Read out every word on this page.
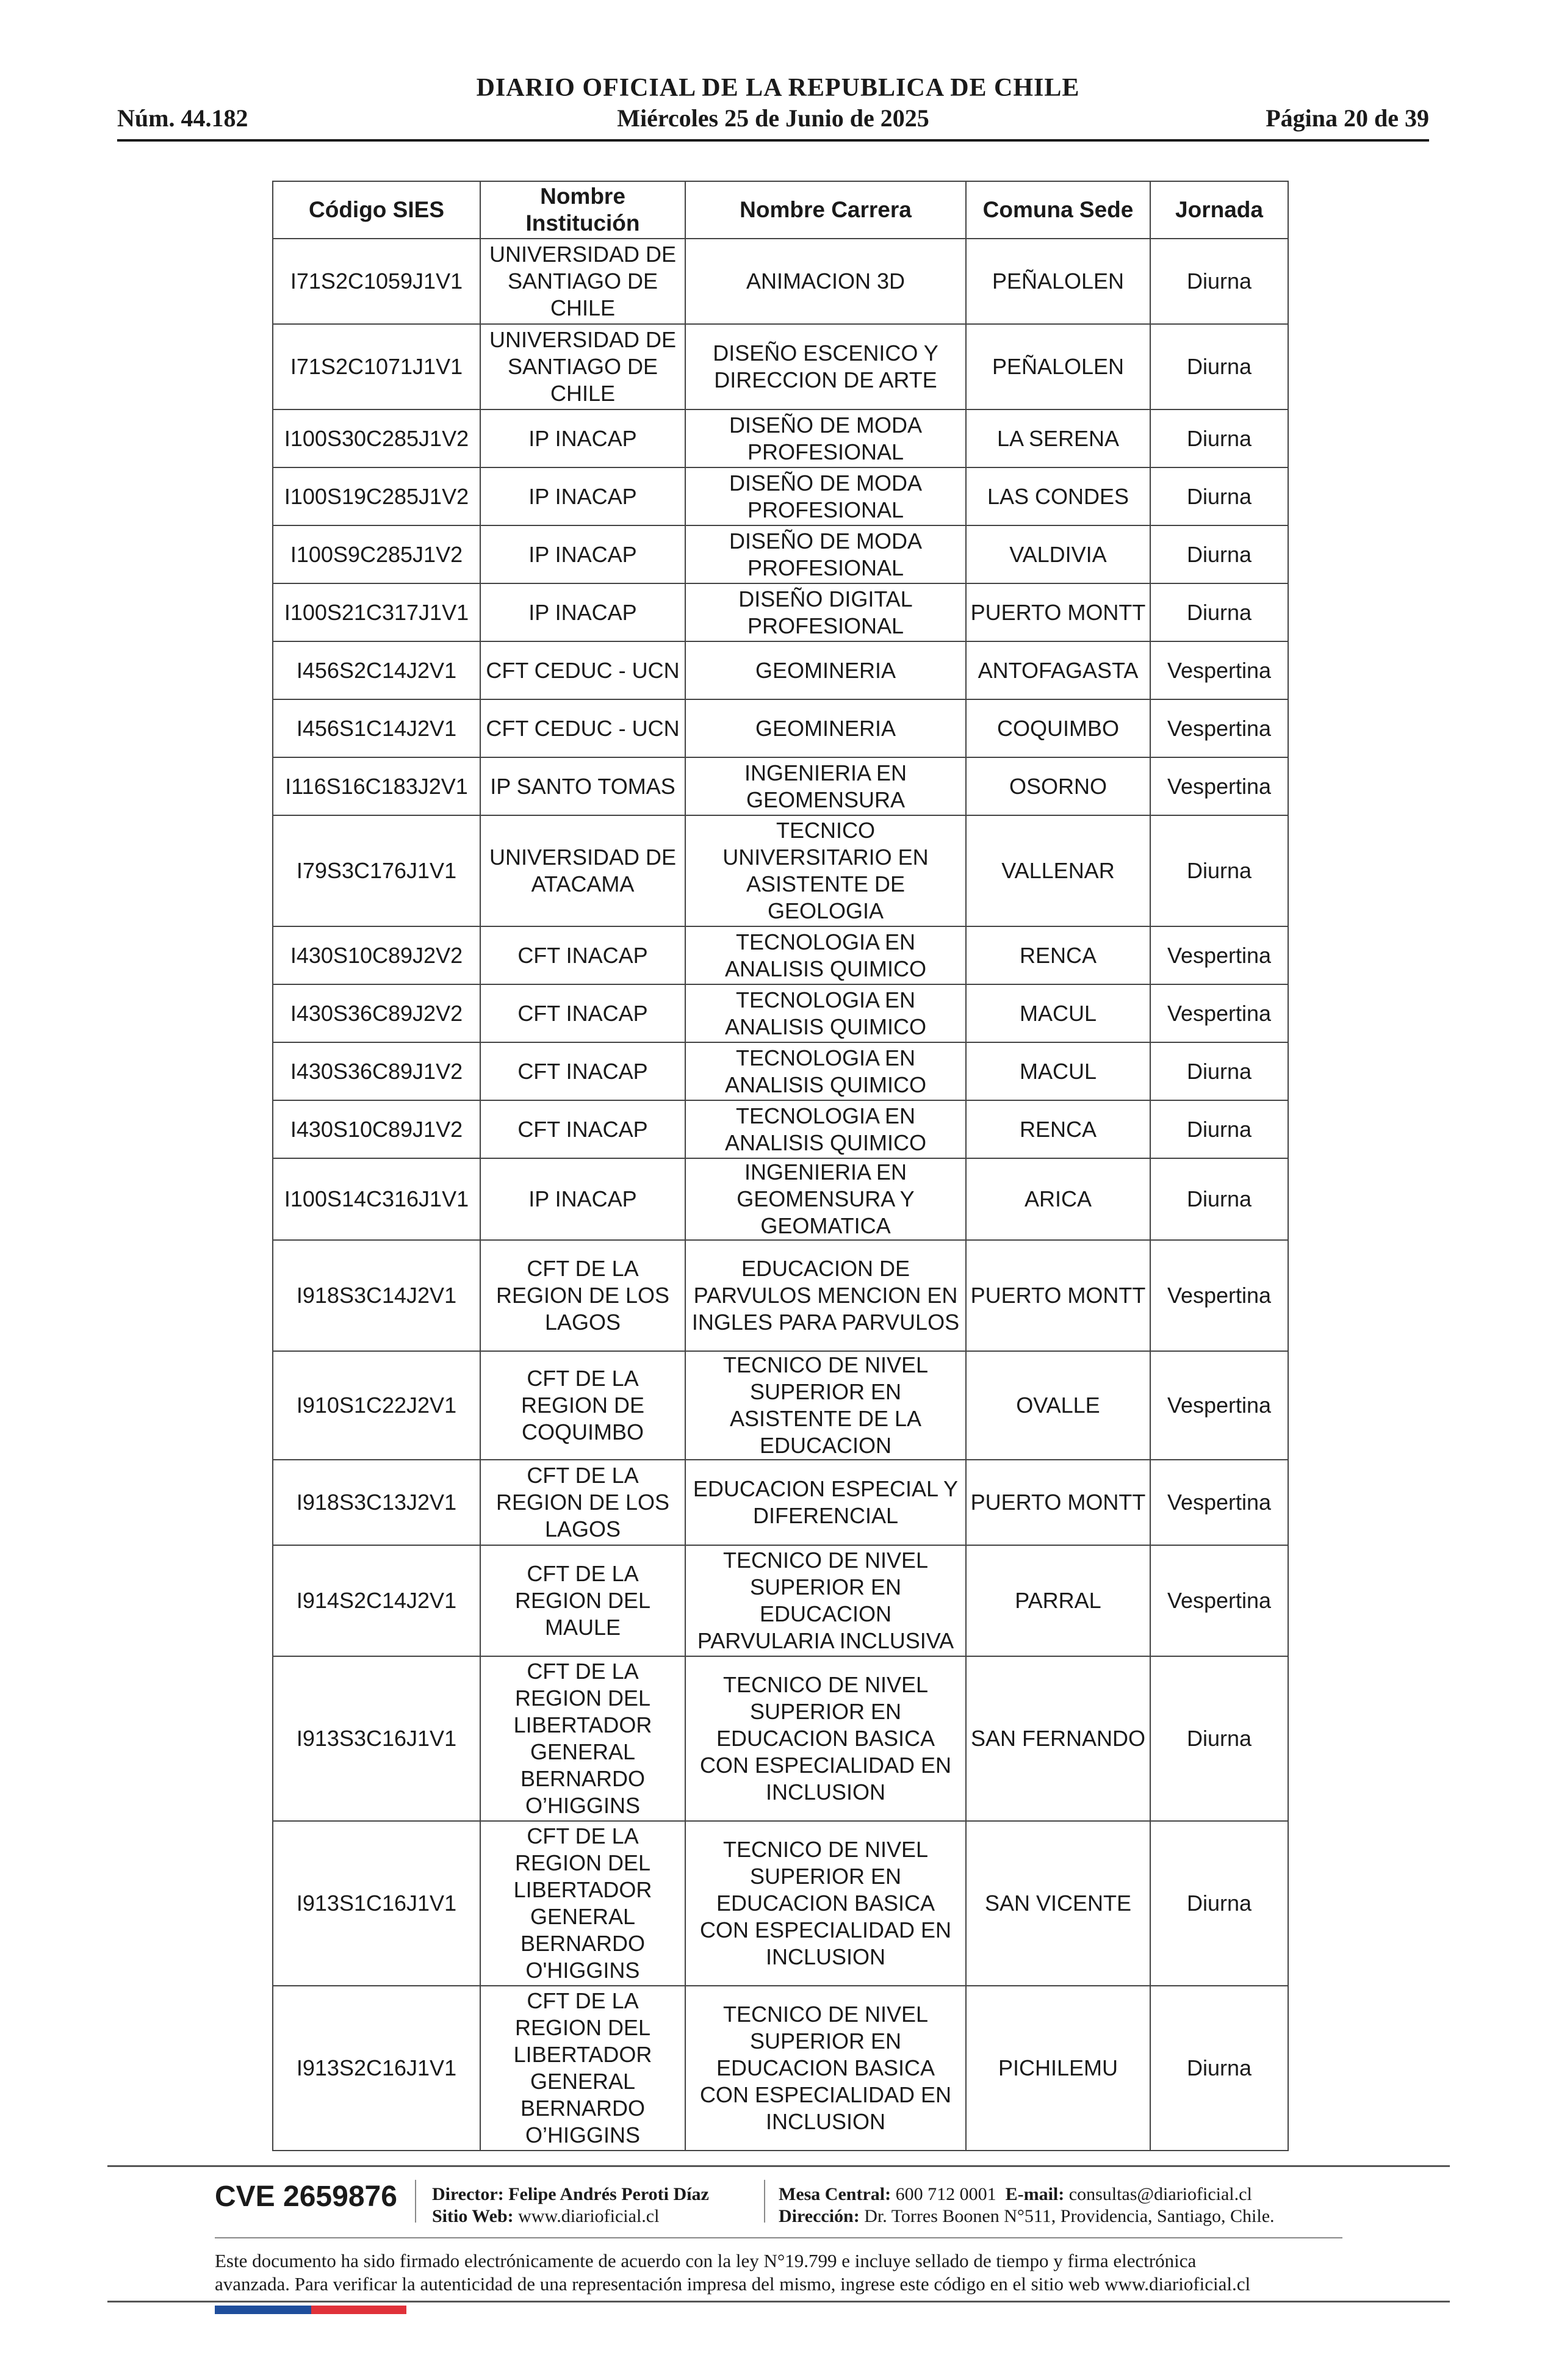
DIARIO OFICIAL DE LA REPUBLICA DE CHILE
Núm. 44.182	Miércoles 25 de Junio de 2025	Página 20 de 39
Código SIES	Nombre Institución	Nombre Carrera	Comuna Sede	Jornada
I71S2C1059J1V1	UNIVERSIDAD DE SANTIAGO DE CHILE	ANIMACION 3D	PEÑALOLEN	Diurna
I71S2C1071J1V1	UNIVERSIDAD DE SANTIAGO DE CHILE	DISEÑO ESCENICO Y DIRECCION DE ARTE	PEÑALOLEN	Diurna
I100S30C285J1V2	IP INACAP	DISEÑO DE MODA PROFESIONAL	LA SERENA	Diurna
I100S19C285J1V2	IP INACAP	DISEÑO DE MODA PROFESIONAL	LAS CONDES	Diurna
I100S9C285J1V2	IP INACAP	DISEÑO DE MODA PROFESIONAL	VALDIVIA	Diurna
I100S21C317J1V1	IP INACAP	DISEÑO DIGITAL PROFESIONAL	PUERTO MONTT	Diurna
I456S2C14J2V1	CFT CEDUC - UCN	GEOMINERIA	ANTOFAGASTA	Vespertina
I456S1C14J2V1	CFT CEDUC - UCN	GEOMINERIA	COQUIMBO	Vespertina
I116S16C183J2V1	IP SANTO TOMAS	INGENIERIA EN GEOMENSURA	OSORNO	Vespertina
I79S3C176J1V1	UNIVERSIDAD DE ATACAMA	TECNICO UNIVERSITARIO EN ASISTENTE DE GEOLOGIA	VALLENAR	Diurna
I430S10C89J2V2	CFT INACAP	TECNOLOGIA EN ANALISIS QUIMICO	RENCA	Vespertina
I430S36C89J2V2	CFT INACAP	TECNOLOGIA EN ANALISIS QUIMICO	MACUL	Vespertina
I430S36C89J1V2	CFT INACAP	TECNOLOGIA EN ANALISIS QUIMICO	MACUL	Diurna
I430S10C89J1V2	CFT INACAP	TECNOLOGIA EN ANALISIS QUIMICO	RENCA	Diurna
I100S14C316J1V1	IP INACAP	INGENIERIA EN GEOMENSURA Y GEOMATICA	ARICA	Diurna
I918S3C14J2V1	CFT DE LA REGION DE LOS LAGOS	EDUCACION DE PARVULOS MENCION EN INGLES PARA PARVULOS	PUERTO MONTT	Vespertina
I910S1C22J2V1	CFT DE LA REGION DE COQUIMBO	TECNICO DE NIVEL SUPERIOR EN ASISTENTE DE LA EDUCACION	OVALLE	Vespertina
I918S3C13J2V1	CFT DE LA REGION DE LOS LAGOS	EDUCACION ESPECIAL Y DIFERENCIAL	PUERTO MONTT	Vespertina
I914S2C14J2V1	CFT DE LA REGION DEL MAULE	TECNICO DE NIVEL SUPERIOR EN EDUCACION PARVULARIA INCLUSIVA	PARRAL	Vespertina
I913S3C16J1V1	CFT DE LA REGION DEL LIBERTADOR GENERAL BERNARDO O’HIGGINS	TECNICO DE NIVEL SUPERIOR EN EDUCACION BASICA CON ESPECIALIDAD EN INCLUSION	SAN FERNANDO	Diurna
I913S1C16J1V1	CFT DE LA REGION DEL LIBERTADOR GENERAL BERNARDO O'HIGGINS	TECNICO DE NIVEL SUPERIOR EN EDUCACION BASICA CON ESPECIALIDAD EN INCLUSION	SAN VICENTE	Diurna
I913S2C16J1V1	CFT DE LA REGION DEL LIBERTADOR GENERAL BERNARDO O’HIGGINS	TECNICO DE NIVEL SUPERIOR EN EDUCACION BASICA CON ESPECIALIDAD EN INCLUSION	PICHILEMU	Diurna
CVE 2659876 Director: Felipe Andrés Peroti Díaz
Sitio Web: www.diarioficial.cl
Mesa Central: 600 712 0001 E-mail: consultas@diarioficial.cl
Dirección: Dr. Torres Boonen N°511, Providencia, Santiago, Chile.
Este documento ha sido firmado electrónicamente de acuerdo con la ley N°19.799 e incluye sellado de tiempo y firma electrónica
avanzada. Para verificar la autenticidad de una representación impresa del mismo, ingrese este código en el sitio web www.diarioficial.cl
